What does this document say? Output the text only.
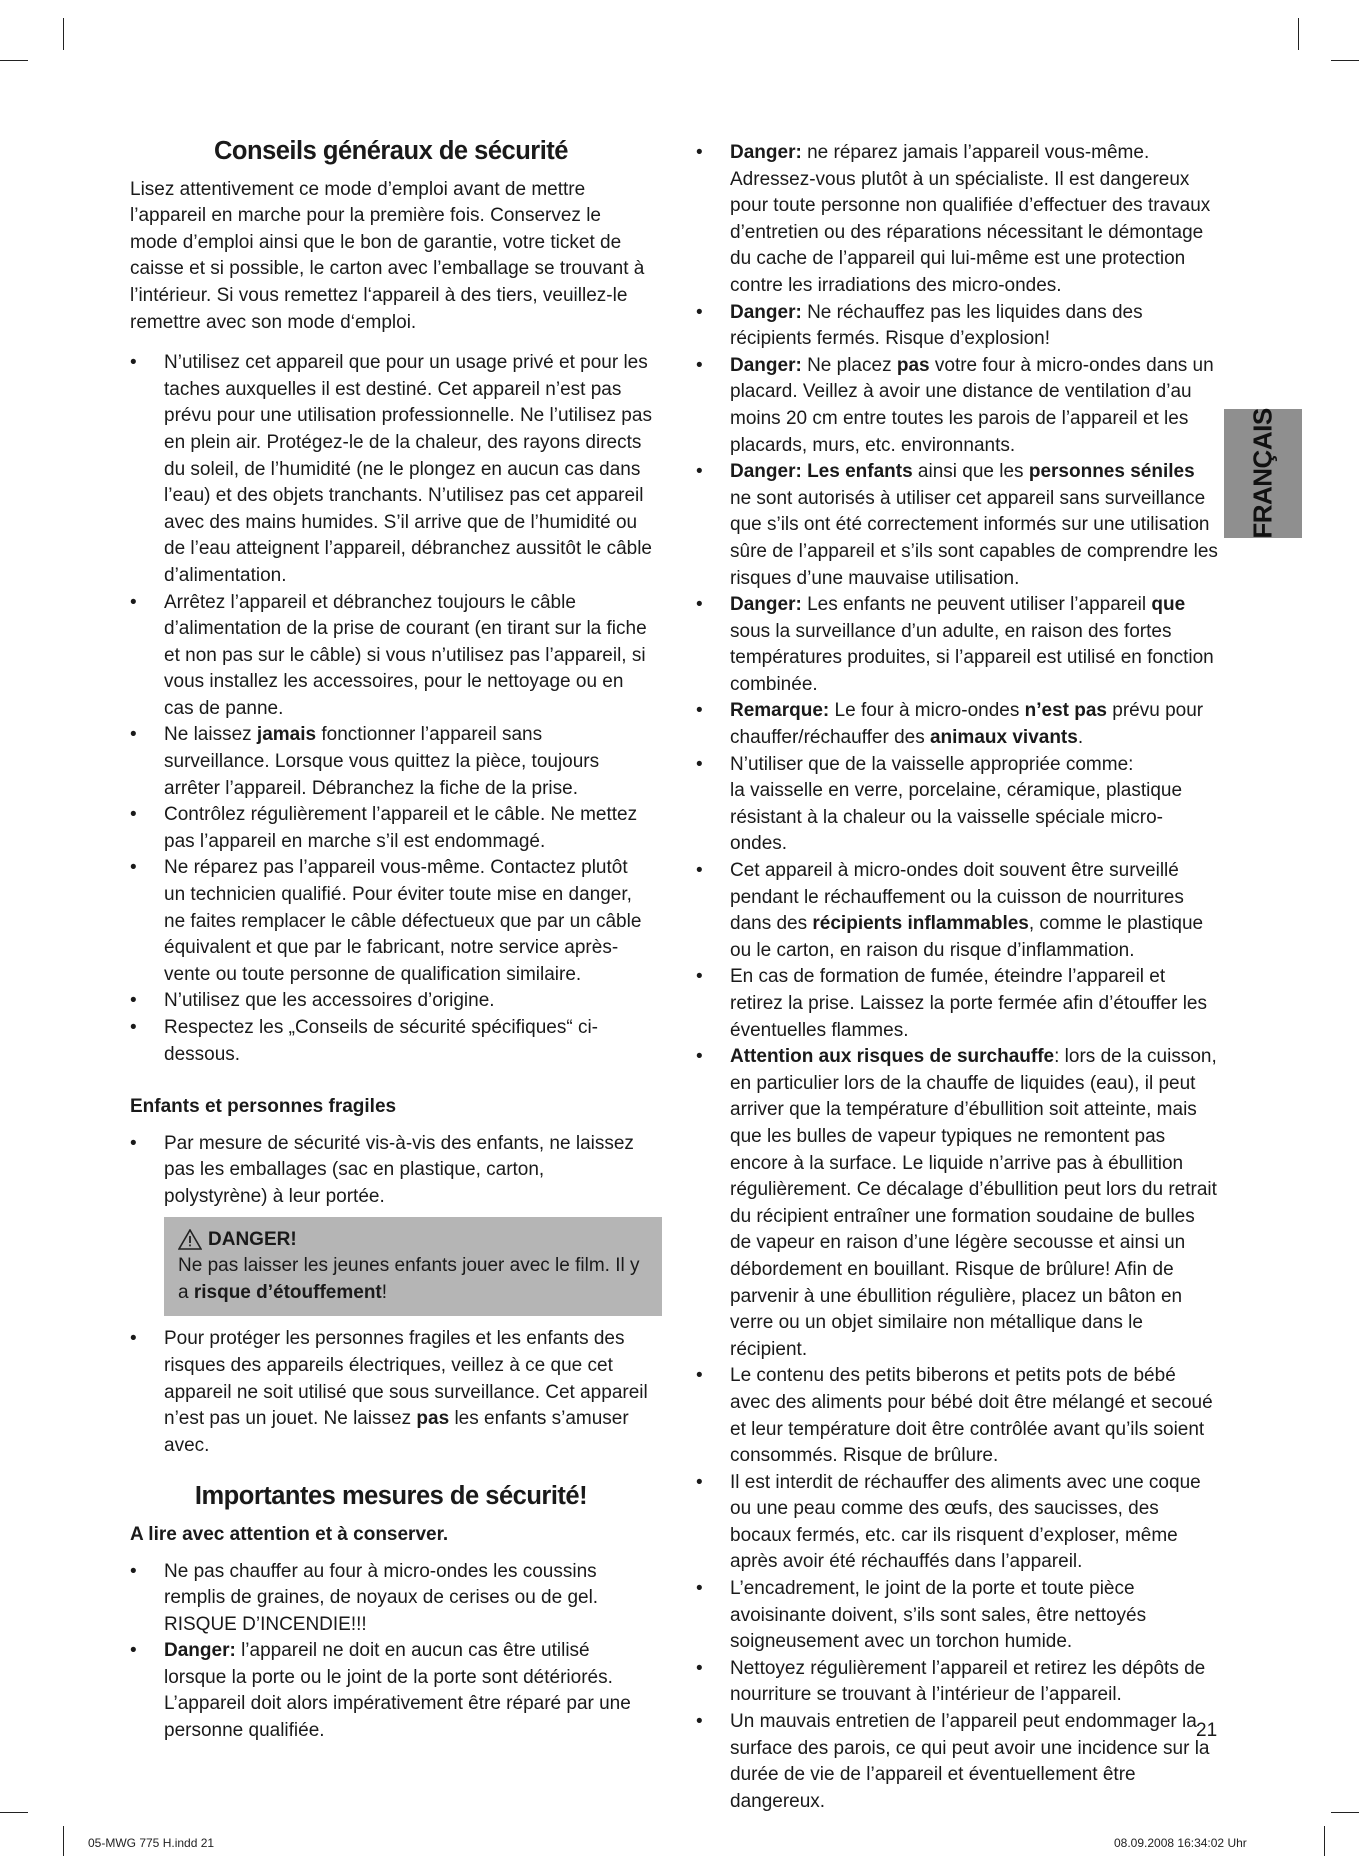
Conseils généraux de sécurité

Lisez attentivement ce mode d’emploi avant de mettre l’appareil en marche pour la première fois. Conservez le mode d’emploi ainsi que le bon de garantie, votre ticket de caisse et si possible, le carton avec l’emballage se trouvant à l’intérieur. Si vous remettez l‘appareil à des tiers, veuillez-le remettre avec son mode d‘emploi.

• N’utilisez cet appareil que pour un usage privé et pour les taches auxquelles il est destiné. Cet appareil n’est pas prévu pour une utilisation professionnelle. Ne l’utilisez pas en plein air. Protégez-le de la chaleur, des rayons directs du soleil, de l’humidité (ne le plongez en aucun cas dans l’eau) et des objets tranchants. N’utilisez pas cet appareil avec des mains humides. S’il arrive que de l’humidité ou de l’eau atteignent l’appareil, débranchez aussitôt le câble d’alimentation.
• Arrêtez l’appareil et débranchez toujours le câble d’alimentation de la prise de courant (en tirant sur la fiche et non pas sur le câble) si vous n’utilisez pas l’appareil, si vous installez les accessoires, pour le nettoyage ou en cas de panne.
• Ne laissez jamais fonctionner l’appareil sans surveillance. Lorsque vous quittez la pièce, toujours arrêter l’appareil. Débranchez la fiche de la prise.
• Contrôlez régulièrement l’appareil et le câble. Ne mettez pas l’appareil en marche s’il est endommagé.
• Ne réparez pas l’appareil vous-même. Contactez plutôt un technicien qualifié. Pour éviter toute mise en danger, ne faites remplacer le câble défectueux que par un câble équivalent et que par le fabricant, notre service après-vente ou toute personne de qualification similaire.
• N’utilisez que les accessoires d’origine.
• Respectez les „Conseils de sécurité spécifiques“ ci-dessous.
Enfants et personnes fragiles
• Par mesure de sécurité vis-à-vis des enfants, ne laissez pas les emballages (sac en plastique, carton, polystyrène) à leur portée.
DANGER!
Ne pas laisser les jeunes enfants jouer avec le film. Il y a risque d’étouffement!
• Pour protéger les personnes fragiles et les enfants des risques des appareils électriques, veillez à ce que cet appareil ne soit utilisé que sous surveillance. Cet appareil n’est pas un jouet. Ne laissez pas les enfants s’amuser avec.
Importantes mesures de sécurité!
A lire avec attention et à conserver.
• Ne pas chauffer au four à micro-ondes les coussins remplis de graines, de noyaux de cerises ou de gel. RISQUE D’INCENDIE!!!
• Danger: l’appareil ne doit en aucun cas être utilisé lorsque la porte ou le joint de la porte sont détériorés. L’appareil doit alors impérativement être réparé par une personne qualifiée.
• Danger: ne réparez jamais l’appareil vous-même. Adressez-vous plutôt à un spécialiste. Il est dangereux pour toute personne non qualifiée d’effectuer des travaux d’entretien ou des réparations nécessitant le démontage du cache de l’appareil qui lui-même est une protection contre les irradiations des micro-ondes.
• Danger: Ne réchauffez pas les liquides dans des récipients fermés. Risque d’explosion!
• Danger: Ne placez pas votre four à micro-ondes dans un placard. Veillez à avoir une distance de ventilation d’au moins 20 cm entre toutes les parois de l’appareil et les placards, murs, etc. environnants.
• Danger: Les enfants ainsi que les personnes séniles ne sont autorisés à utiliser cet appareil sans surveillance que s’ils ont été correctement informés sur une utilisation sûre de l’appareil et s’ils sont capables de comprendre les risques d’une mauvaise utilisation.
• Danger: Les enfants ne peuvent utiliser l’appareil que sous la surveillance d’un adulte, en raison des fortes températures produites, si l’appareil est utilisé en fonction combinée.
• Remarque: Le four à micro-ondes n’est pas prévu pour chauffer/réchauffer des animaux vivants.
• N’utiliser que de la vaisselle appropriée comme:
la vaisselle en verre, porcelaine, céramique, plastique résistant à la chaleur ou la vaisselle spéciale micro-ondes.
• Cet appareil à micro-ondes doit souvent être surveillé pendant le réchauffement ou la cuisson de nourritures dans des récipients inflammables, comme le plastique ou le carton, en raison du risque d’inflammation.
• En cas de formation de fumée, éteindre l’appareil et retirez la prise. Laissez la porte fermée afin d’étouffer les éventuelles flammes.
• Attention aux risques de surchauffe: lors de la cuisson, en particulier lors de la chauffe de liquides (eau), il peut arriver que la température d’ébullition soit atteinte, mais que les bulles de vapeur typiques ne remontent pas encore à la surface. Le liquide n’arrive pas à ébullition régulièrement. Ce décalage d’ébullition peut lors du retrait du récipient entraîner une formation soudaine de bulles de vapeur en raison d’une légère secousse et ainsi un débordement en bouillant. Risque de brûlure! Afin de parvenir à une ébullition régulière, placez un bâton en verre ou un objet similaire non métallique dans le récipient.
• Le contenu des petits biberons et petits pots de bébé avec des aliments pour bébé doit être mélangé et secoué et leur température doit être contrôlée avant qu’ils soient consommés. Risque de brûlure.
• Il est interdit de réchauffer des aliments avec une coque ou une peau comme des œufs, des saucisses, des bocaux fermés, etc. car ils risquent d’exploser, même après avoir été réchauffés dans l’appareil.
• L’encadrement, le joint de la porte et toute pièce avoisinante doivent, s’ils sont sales, être nettoyés soigneusement avec un torchon humide.
• Nettoyez régulièrement l’appareil et retirez les dépôts de nourriture se trouvant à l’intérieur de l’appareil.
• Un mauvais entretien de l’appareil peut endommager la surface des parois, ce qui peut avoir une incidence sur la durée de vie de l’appareil et éventuellement être dangereux.
FRANÇAIS
21
05-MWG 775 H.indd 21	08.09.2008 16:34:02 Uhr
